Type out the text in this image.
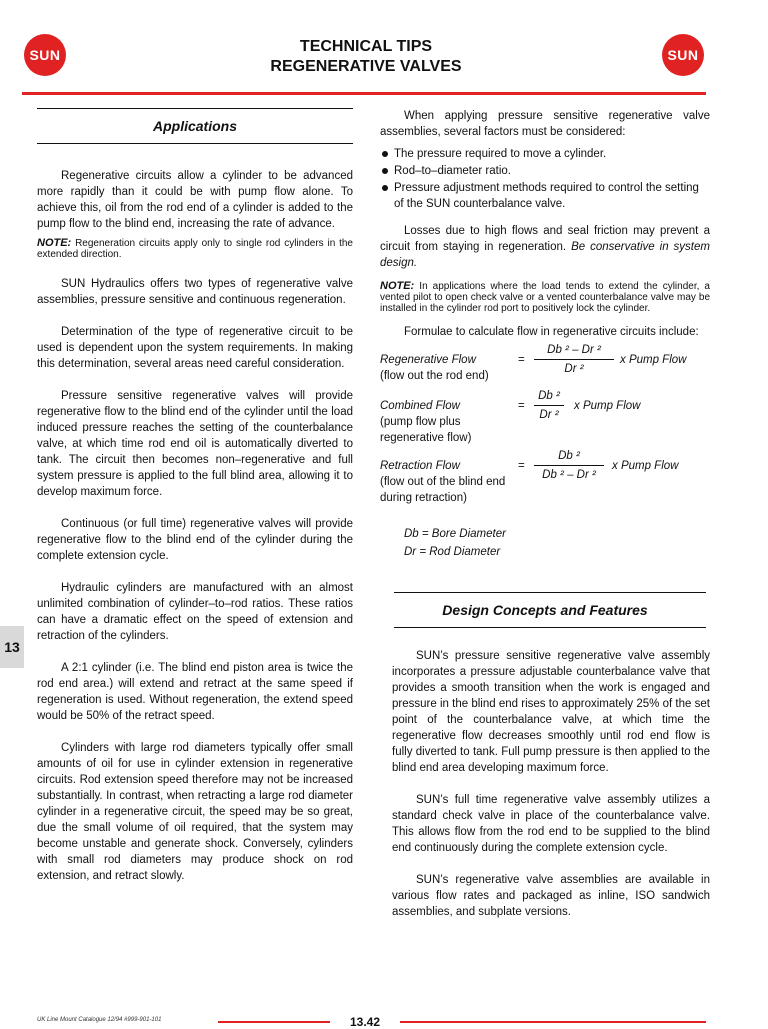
SUN	TECHNICAL TIPS
REGENERATIVE VALVES
SUN
Applications

Regenerative circuits allow a cylinder to be advanced more rapidly than it could be with pump flow alone. To achieve this, oil from the rod end of a cylinder is added to the pump flow to the blind end, increasing the rate of advance.

NOTE: Regeneration circuits apply only to single rod cylinders in the extended direction.

SUN Hydraulics offers two types of regenerative valve assemblies, pressure sensitive and continuous regeneration.

Determination of the type of regenerative circuit to be used is dependent upon the system requirements. In making this determination, several areas need careful consideration.

Pressure sensitive regenerative valves will provide regenerative flow to the blind end of the cylinder until the load induced pressure reaches the setting of the counterbalance valve, at which time rod end oil is automatically diverted to tank. The circuit then becomes non–regenerative and full system pressure is applied to the full blind area, allowing it to develop maximum force.

Continuous (or full time) regenerative valves will provide regenerative flow to the blind end of the cylinder during the complete extension cycle.

Hydraulic cylinders are manufactured with an almost unlimited combination of cylinder–to–rod ratios. These ratios can have a dramatic effect on the speed of extension and retraction of the cylinders.

A 2:1 cylinder (i.e. The blind end piston area is twice the rod end area.) will extend and retract at the same speed if regeneration is used. Without regeneration, the extend speed would be 50% of the retract speed.

Cylinders with large rod diameters typically offer small amounts of oil for use in cylinder extension in regenerative circuits. Rod extension speed therefore may not be increased substantially. In contrast, when retracting a large rod diameter cylinder in a regenerative circuit, the speed may be so great, due the small volume of oil required, that the system may become unstable and generate shock. Conversely, cylinders with small rod diameters may produce shock on rod extension, and retract slowly.

When applying pressure sensitive regenerative valve assemblies, several factors must be considered:

The pressure required to move a cylinder.
Rod–to–diameter ratio.
Pressure adjustment methods required to control the setting of the SUN counterbalance valve.

Losses due to high flows and seal friction may prevent a circuit from staying in regeneration. Be conservative in system design.

NOTE: In applications where the load tends to extend the cylinder, a vented pilot to open check valve or a vented counterbalance valve may be installed in the cylinder rod port to positively lock the cylinder.

Formulae to calculate flow in regenerative circuits include:

Regenerative Flow
(flow out the rod end)
=
Db ² – Dr ²
Dr ²
x Pump Flow
Combined Flow
(pump flow plus
regenerative flow)
=
Db ²
Dr ²
x Pump Flow
Retraction Flow
(flow out of the blind end
during retraction)
=
Db ²
Db ² – Dr ²
x Pump Flow
Db = Bore Diameter
Dr = Rod Diameter
Design Concepts and Features

SUN’s pressure sensitive regenerative valve assembly incorporates a pressure adjustable counterbalance valve that provides a smooth transition when the work is engaged and pressure in the blind end rises to approximately 25% of the set point of the counterbalance valve, at which time the regenerative flow decreases smoothly until rod end flow is fully diverted to tank. Full pump pressure is then applied to the blind end area developing maximum force.

SUN’s full time regenerative valve assembly utilizes a standard check valve in place of the counterbalance valve. This allows flow from the rod end to be supplied to the blind end continuously during the complete extension cycle.

SUN’s regenerative valve assemblies are available in various flow rates and packaged as inline, ISO sandwich assemblies, and subplate versions.

13
UK Line Mount Catalogue 12/94 #999-901-101	13.42
